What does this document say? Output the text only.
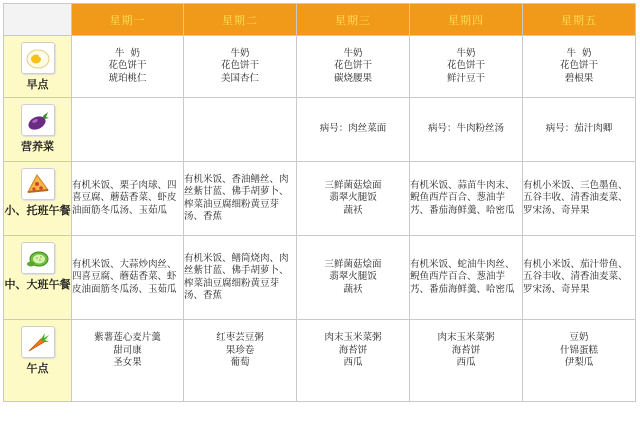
	星期一	星期二	星期三	星期四	星期五

早点	牛  奶
花色饼干
琥珀桃仁	牛奶
花色饼干
美国杏仁	牛奶
花色饼干
碳烧腰果	牛奶
花色饼干
鲜汁豆干	牛  奶
花色饼干
碧根果

营养菜			病号：肉丝菜面	病号：牛肉粉丝汤	病号：茄汁肉卿

小、托班午餐	有机米饭、栗子肉球、四喜豆腐、蘑菇香菜、虾皮油面筋冬瓜汤、玉茹瓜	有机米饭、香油鳝丝、肉丝紫甘蓝、佛手胡萝卜、榨菜油豆腐细粉黄豆芽汤、香蕉	三鲜菌菇烩面
翡翠火腿饭
蔬袄	有机米饭、蒜苗牛肉末、鲵鱼西芹百合、葱油芋艿、番茄海鲜羹、哈密瓜	有机小米饭、三色墨鱼、五谷丰收、清香油麦菜、罗宋汤、奇异果

中、大班午餐	有机米饭、大蒜炒肉丝、四喜豆腐、蘑菇香菜、虾皮油面筋冬瓜汤、玉茹瓜	有机米饭、鳝筒烧肉、肉丝紫甘蓝、佛手胡萝卜、榨菜油豆腐细粉黄豆芽汤、香蕉	三鲜菌菇烩面
翡翠火腿饭
蔬袄	有机米饭、蛇油牛肉丝、鲵鱼西芹百合、葱油芋艿、番茄海鲜羹、哈密瓜	有机小米饭、茄汁带鱼、五谷丰收、清香油麦菜、罗宋汤、奇异果

午点	紫薯莲心麦片羹
甜司康
圣女果	红枣芸豆粥
果珍卷
葡萄	肉末玉米菜粥
海苔饼
西瓜	肉末玉米菜粥
海苔饼
西瓜	豆奶
什锦蛋糕
伊梨瓜
